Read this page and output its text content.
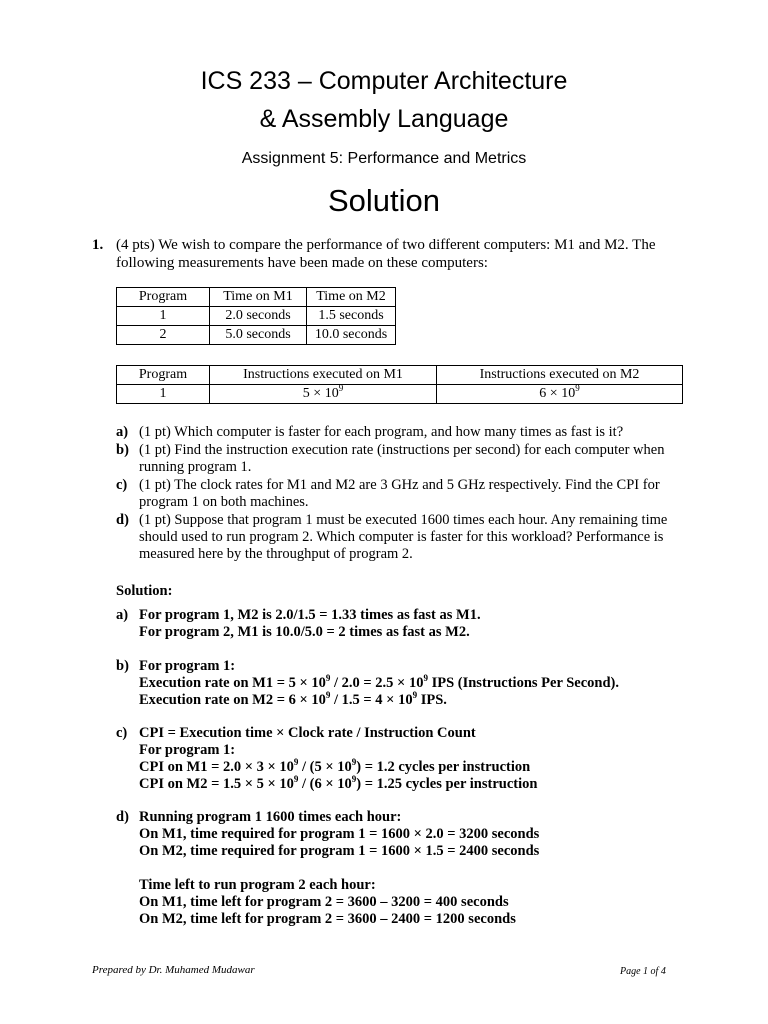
ICS 233 – Computer Architecture
& Assembly Language
Assignment 5: Performance and Metrics
Solution
1. (4 pts) We wish to compare the performance of two different computers: M1 and M2. The following measurements have been made on these computers:
Program	Time on M1	Time on M2
1	2.0 seconds	1.5 seconds
2	5.0 seconds	10.0 seconds
Program	Instructions executed on M1	Instructions executed on M2
1	$5 \times 10^9$	$6 \times 10^9$
a) (1 pt) Which computer is faster for each program, and how many times as fast is it?
b) (1 pt) Find the instruction execution rate (instructions per second) for each computer when running program 1.
c) (1 pt) The clock rates for M1 and M2 are 3 GHz and 5 GHz respectively. Find the CPI for program 1 on both machines.
d) (1 pt) Suppose that program 1 must be executed 1600 times each hour. Any remaining time should used to run program 2. Which computer is faster for this workload? Performance is measured here by the throughput of program 2.
Solution:
a) For program 1, M2 is 2.0/1.5 = 1.33 times as fast as M1.
For program 2, M1 is 10.0/5.0 = 2 times as fast as M2.
b) For program 1:
Execution rate on $M1 = 5 \times 10^9 / 2.0 = 2.5 \times 10^9$ IPS (Instructions Per Second).
Execution rate on $M2 = 6 \times 10^9 / 1.5 = 4 \times 10^9$ IPS.
c) CPI = Execution time × Clock rate / Instruction Count
For program 1:
CPI on $M1 = 2.0 \times 3 \times 10^9 / (5 \times 10^9) = 1.2$ cycles per instruction
CPI on $M2 = 1.5 \times 5 \times 10^9 / (6 \times 10^9) = 1.25$ cycles per instruction
d) Running program 1 1600 times each hour:
On M1, time required for program 1 = 1600 × 2.0 = 3200 seconds
On M2, time required for program 1 = 1600 × 1.5 = 2400 seconds
Time left to run program 2 each hour:
On M1, time left for program 2 = 3600 – 3200 = 400 seconds
On M2, time left for program 2 = 3600 – 2400 = 1200 seconds
Prepared by Dr. Muhamed Mudawar	Page 1 of 4
